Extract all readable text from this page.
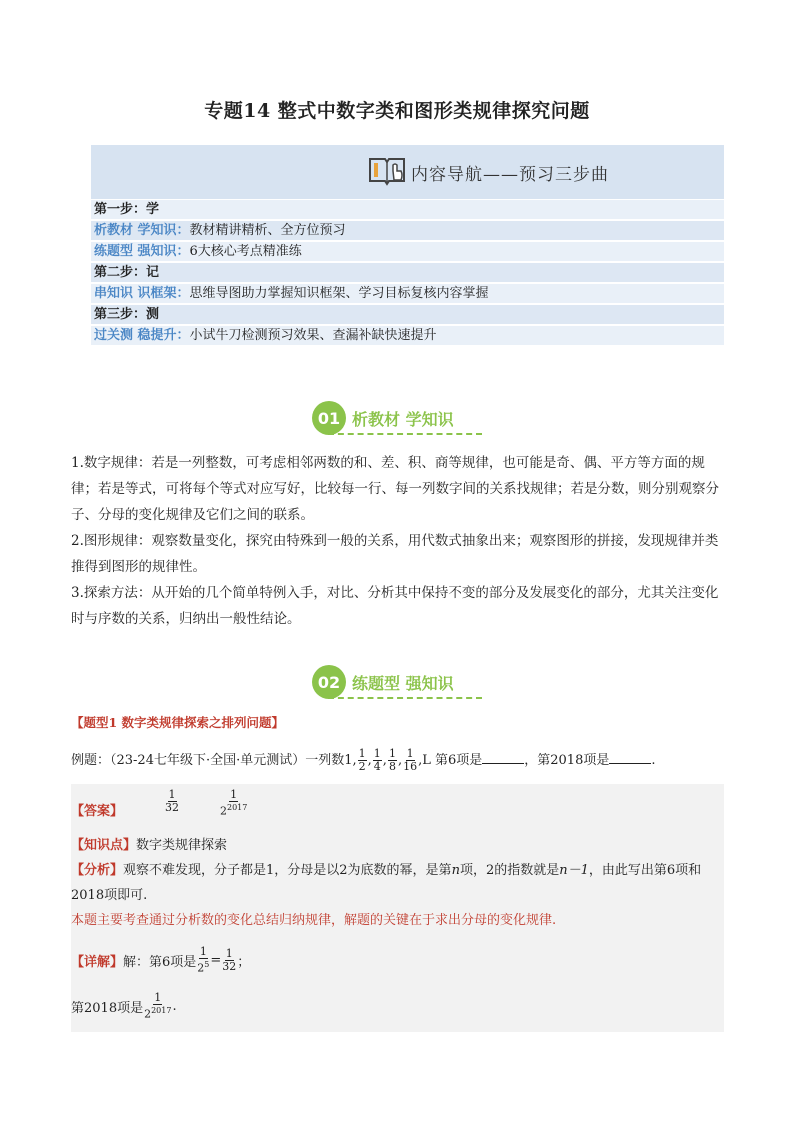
专题14 整式中数字类和图形类规律探究问题
内容导航——预习三步曲
第一步：学
析教材 学知识：教材精讲精析、全方位预习
练题型 强知识：6大核心考点精准练
第二步：记
串知识 识框架：思维导图助力掌握知识框架、学习目标复核内容掌握
第三步：测
过关测 稳提升：小试牛刀检测预习效果、查漏补缺快速提升
01 析教材 学知识
1.数字规律：若是一列整数，可考虑相邻两数的和、差、积、商等规律，也可能是奇、偶、平方等方面的规律；若是等式，可将每个等式对应写好，比较每一行、每一列数字间的关系找规律；若是分数，则分别观察分子、分母的变化规律及它们之间的联系。
2.图形规律：观察数量变化，探究由特殊到一般的关系，用代数式抽象出来；观察图形的拼接，发现规律并类推得到图形的规律性。
3.探索方法：从开始的几个简单特例入手，对比、分析其中保持不变的部分及发展变化的部分，尤其关注变化时与序数的关系，归纳出一般性结论。
02 练题型 强知识
【题型1 数字类规律探索之排列问题】
例题：（23-24七年级下·全国·单元测试）一列数1, $\frac{1}{2}$ , $\frac{1}{4}$ , $\frac{1}{8}$ , $\frac{1}{16} ,L$ 第6项是	，第2018项是	.
【答案】	$\frac{1}{32}$	$\frac{1}{2^{2017}}$
【知识点】数字类规律探索
【分析】观察不难发现，分子都是1，分母是以2为底数的幂，是第n项，2的指数就是n－1，由此写出第6项和2018项即可.
本题主要考查通过分析数的变化总结归纳规律，解题的关键在于求出分母的变化规律.
【详解】 解：第6项是 $\frac{1}{2^5} = \frac{1}{32}$ ；
第2018项是 $\frac{1}{2^{2017}}$ .
